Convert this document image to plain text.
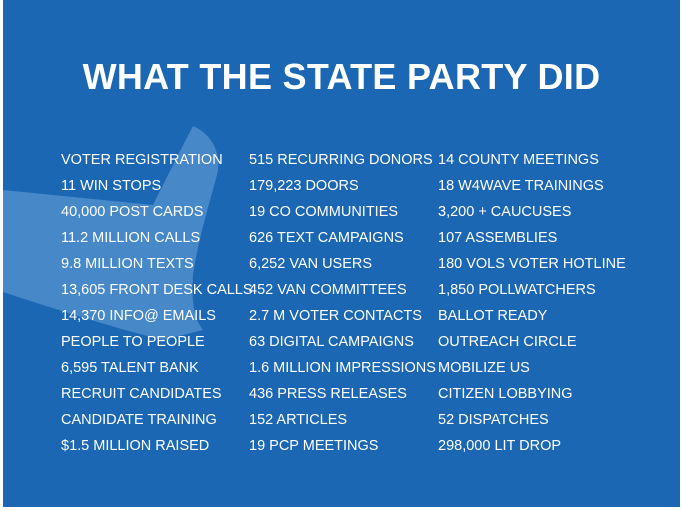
WHAT THE STATE PARTY DID
VOTER REGISTRATION
11 WIN STOPS
40,000 POST CARDS
11.2 MILLION CALLS
9.8 MILLION TEXTS
13,605 FRONT DESK CALLS
14,370 INFO@ EMAILS
PEOPLE TO PEOPLE
6,595 TALENT BANK
RECRUIT CANDIDATES
CANDIDATE TRAINING
$1.5 MILLION RAISED
515 RECURRING DONORS
179,223 DOORS
19 CO COMMUNITIES
626 TEXT CAMPAIGNS
6,252 VAN USERS
452 VAN COMMITTEES
2.7 M VOTER CONTACTS
63 DIGITAL CAMPAIGNS
1.6 MILLION IMPRESSIONS
436 PRESS RELEASES
152 ARTICLES
19 PCP MEETINGS
14 COUNTY MEETINGS
18 W4WAVE TRAININGS
3,200 + CAUCUSES
107 ASSEMBLIES
180 VOLS VOTER HOTLINE
1,850 POLLWATCHERS
BALLOT READY
OUTREACH CIRCLE
MOBILIZE US
CITIZEN LOBBYING
52 DISPATCHES
298,000 LIT DROP
